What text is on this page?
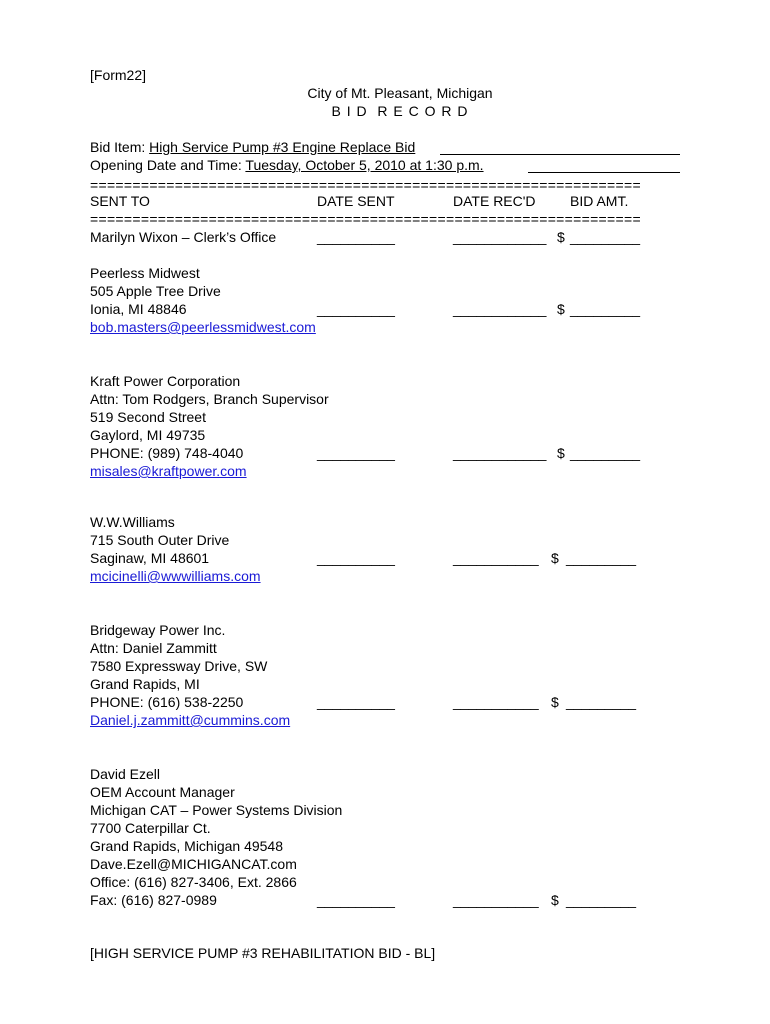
[Form22]
City of Mt. Pleasant, Michigan
B I D  R E C O R D
Bid Item: High Service Pump #3 Engine Replace Bid
Opening Date and Time: Tuesday, October 5, 2010 at 1:30 p.m.
=================================================================
SENT TO	DATE SENT	DATE REC'D BID AMT.
=================================================================
Marilyn Wixon – Clerk’s Office	__________	____________ $ _________
Peerless Midwest
505 Apple Tree Drive
Ionia, MI 48846
bob.masters@peerlessmidwest.com
__________	____________ $ _________
Kraft Power Corporation
Attn: Tom Rodgers, Branch Supervisor
519 Second Street
Gaylord, MI 49735
PHONE: (989) 748-4040
misales@kraftpower.com
__________	____________ $ _________
W.W.Williams
715 South Outer Drive
Saginaw, MI 48601
mcicinelli@wwwilliams.com
__________	___________ $ _________
Bridgeway Power Inc.
Attn: Daniel Zammitt
7580 Expressway Drive, SW
Grand Rapids, MI
PHONE: (616) 538-2250
Daniel.j.zammitt@cummins.com
__________	___________ $ _________
David Ezell
OEM Account Manager
Michigan CAT – Power Systems Division
7700 Caterpillar Ct.
Grand Rapids, Michigan 49548
Dave.Ezell@MICHIGANCAT.com
Office: (616) 827-3406, Ext. 2866
Fax: (616) 827-0989	__________	___________ $ _________
[HIGH SERVICE PUMP #3 REHABILITATION BID - BL]
